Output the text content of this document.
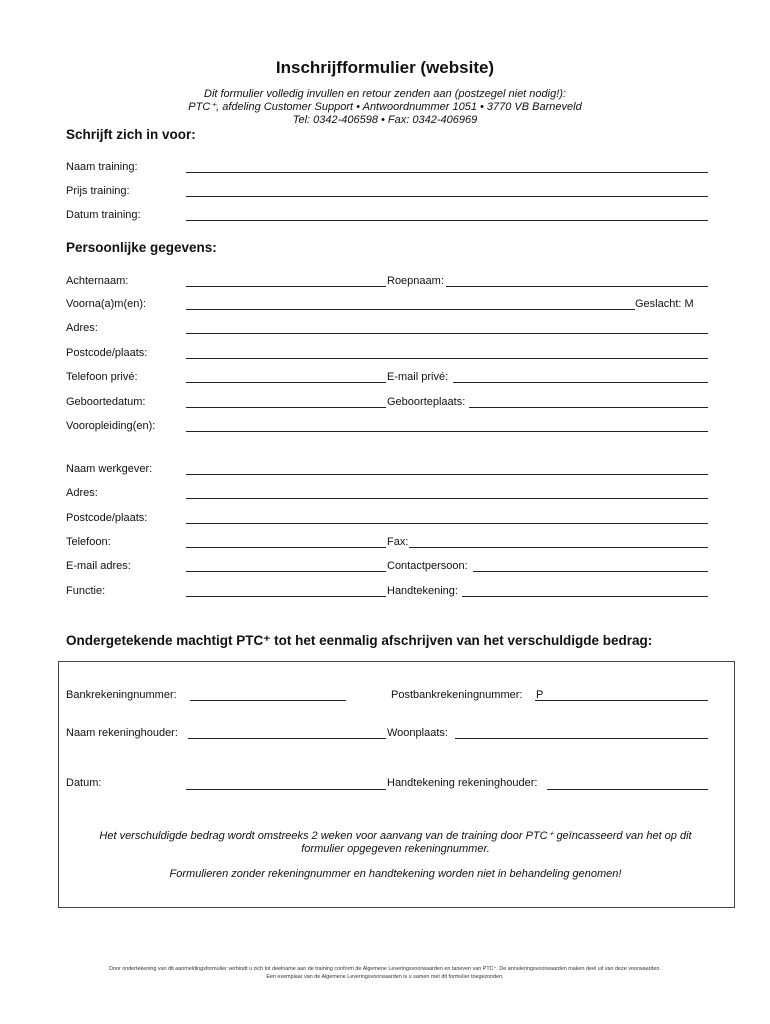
Inschrijfformulier (website)
Dit formulier volledig invullen en retour zenden aan (postzegel niet nodig!):
PTC⁺, afdeling Customer Support • Antwoordnummer 1051 • 3770 VB Barneveld
Tel: 0342-406598 • Fax: 0342-406969
Schrijft zich in voor:
Naam training:
Prijs training:
Datum training:
Persoonlijke gegevens:
Achternaam:	Roepnaam:
Voorna(a)m(en):	Geslacht: M
Adres:
Postcode/plaats:
Telefoon privé:	E-mail privé:
Geboortedatum:	Geboorteplaats:
Vooropleiding(en):
Naam werkgever:
Adres:
Postcode/plaats:
Telefoon:	Fax:
E-mail adres:	Contactpersoon:
Functie:	Handtekening:
Ondergetekende machtigt PTC⁺ tot het eenmalig afschrijven van het verschuldigde bedrag:
Bankrekeningnummer:	Postbankrekeningnummer: P
Naam rekeninghouder:	Woonplaats:
Datum:	Handtekening rekeninghouder:
Het verschuldigde bedrag wordt omstreeks 2 weken voor aanvang van de training door PTC⁺ geïncasseerd van het op dit
formulier opgegeven rekeningnummer.
Formulieren zonder rekeningnummer en handtekening worden niet in behandeling genomen!
Door ondertekening van dit aanmeldingsformulier verbindt u zich tot deelname aan de training conform de Algemene Leveringsvoorwaarden en tarieven van PTC⁺. De annuleringsvoorwaarden maken deel uit van deze voorwaarden.
Een exemplaar van de Algemene Leveringsvoorwaarden is u samen met dit formulier toegezonden.
